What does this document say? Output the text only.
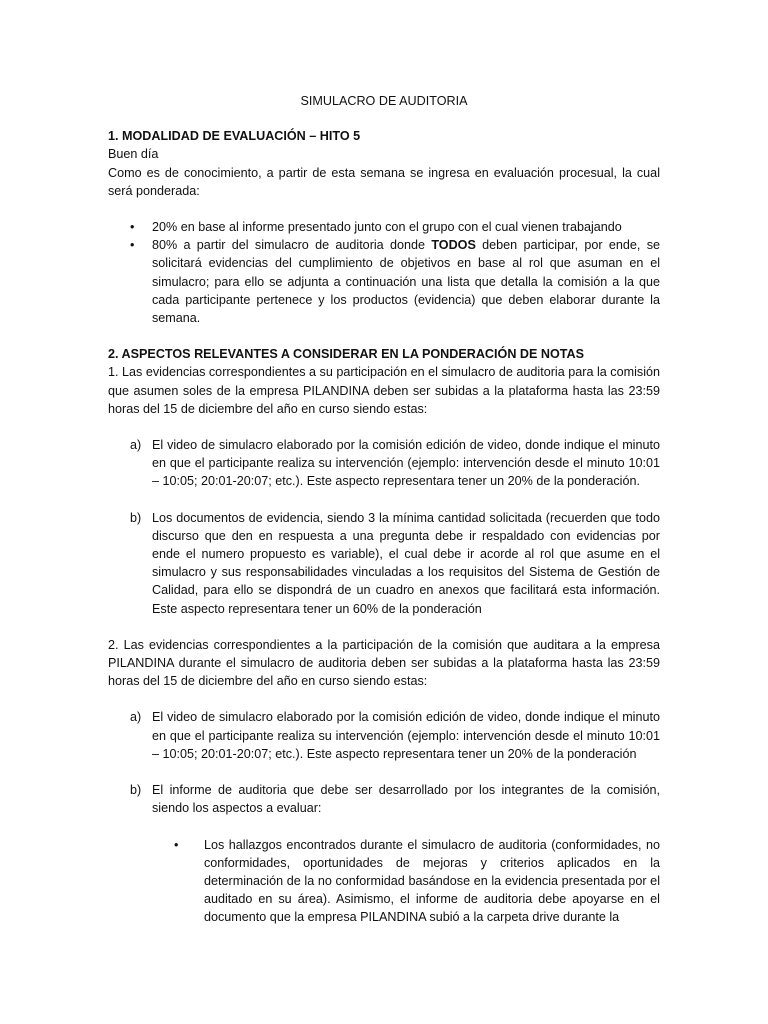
SIMULACRO DE AUDITORIA
1. MODALIDAD DE EVALUACIÓN – HITO 5

Buen día

Como es de conocimiento, a partir de esta semana se ingresa en evaluación procesual, la cual será ponderada:

• 20% en base al informe presentado junto con el grupo con el cual vienen trabajando
• 80% a partir del simulacro de auditoria donde TODOS deben participar, por ende, se solicitará evidencias del cumplimiento de objetivos en base al rol que asuman en el simulacro; para ello se adjunta a continuación una lista que detalla la comisión a la que cada participante pertenece y los productos (evidencia) que deben elaborar durante la semana.
2. ASPECTOS RELEVANTES A CONSIDERAR EN LA PONDERACIÓN DE NOTAS

1. Las evidencias correspondientes a su participación en el simulacro de auditoria para la comisión que asumen soles de la empresa PILANDINA deben ser subidas a la plataforma hasta las 23:59 horas del 15 de diciembre del año en curso siendo estas:

a) El video de simulacro elaborado por la comisión edición de video, donde indique el minuto en que el participante realiza su intervención (ejemplo: intervención desde el minuto 10:01 – 10:05; 20:01-20:07; etc.). Este aspecto representara tener un 20% de la ponderación.
b) Los documentos de evidencia, siendo 3 la mínima cantidad solicitada (recuerden que todo discurso que den en respuesta a una pregunta debe ir respaldado con evidencias por ende el numero propuesto es variable), el cual debe ir acorde al rol que asume en el simulacro y sus responsabilidades vinculadas a los requisitos del Sistema de Gestión de Calidad, para ello se dispondrá de un cuadro en anexos que facilitará esta información. Este aspecto representara tener un 60% de la ponderación

2. Las evidencias correspondientes a la participación de la comisión que auditara a la empresa PILANDINA durante el simulacro de auditoria deben ser subidas a la plataforma hasta las 23:59 horas del 15 de diciembre del año en curso siendo estas:

a) El video de simulacro elaborado por la comisión edición de video, donde indique el minuto en que el participante realiza su intervención (ejemplo: intervención desde el minuto 10:01 – 10:05; 20:01-20:07; etc.). Este aspecto representara tener un 20% de la ponderación
b) El informe de auditoria que debe ser desarrollado por los integrantes de la comisión, siendo los aspectos a evaluar:
• Los hallazgos encontrados durante el simulacro de auditoria (conformidades, no conformidades, oportunidades de mejoras y criterios aplicados en la determinación de la no conformidad basándose en la evidencia presentada por el auditado en su área). Asimismo, el informe de auditoria debe apoyarse en el documento que la empresa PILANDINA subió a la carpeta drive durante la
